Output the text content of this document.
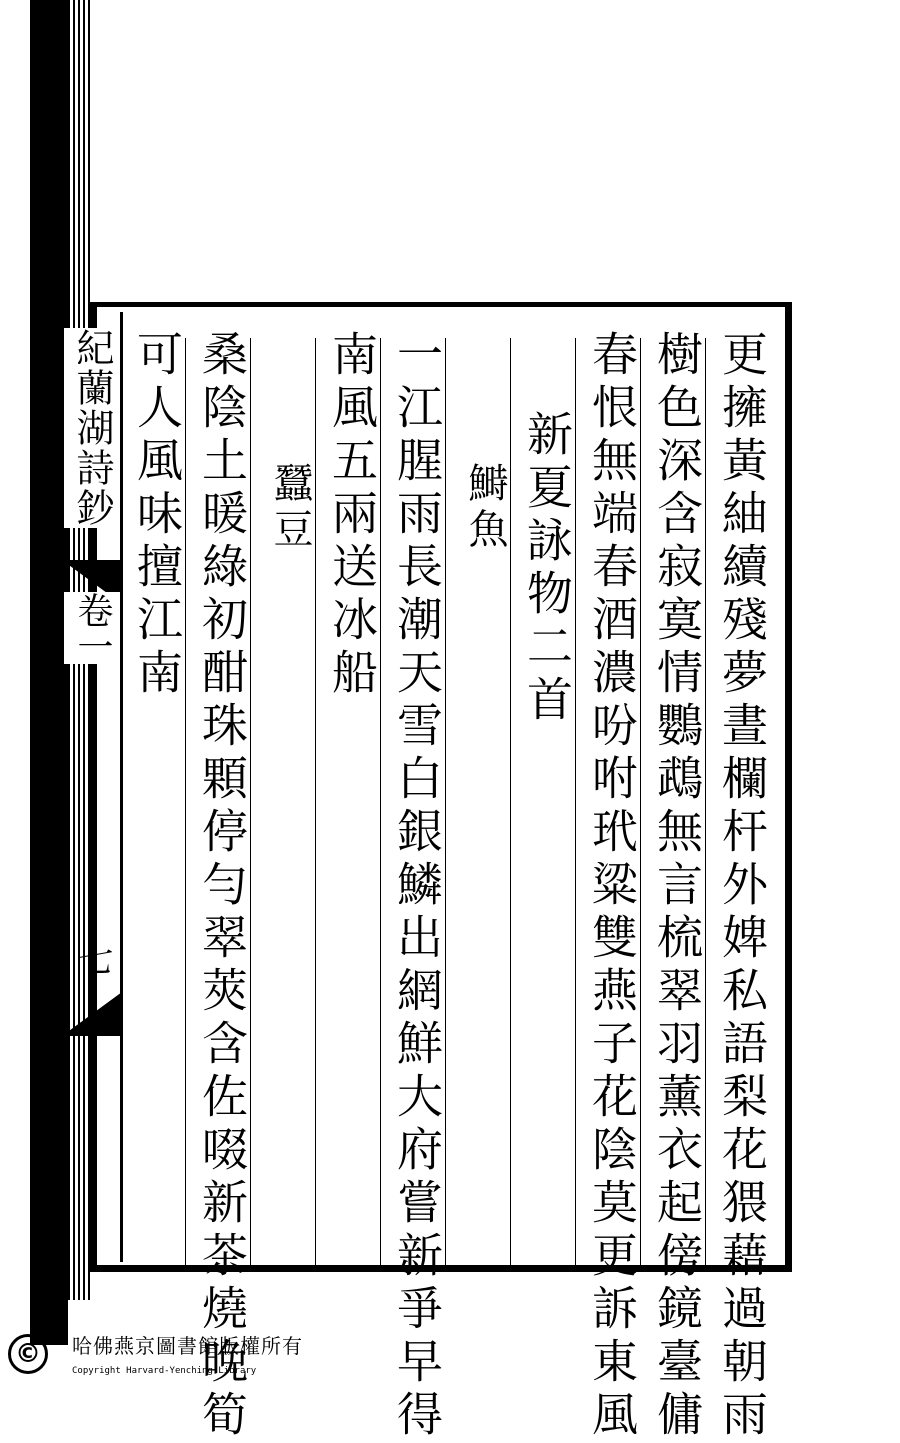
更擁黃紬續殘夢晝欄杆外婢私語梨花猥藉過朝雨
樹色深含寂寞情鸚鵡無言梳翠羽薰衣起傍鏡臺傭
春恨無端春酒濃吩咐玳粱雙燕子花陰莫更訴東風
新夏詠物二首
鰣魚
一江腥雨長潮天雪白銀鱗出網鮮大府嘗新爭早得
南風五兩送冰船
蠶豆
桑陰土暖綠初酣珠顆停勻翠莢含佐啜新茶燒晚筍
可人風味擅江南
紀蘭湖詩鈔
卷一
七
©	哈佛燕京圖書館版權所有
Copyright Harvard-Yenching Library
